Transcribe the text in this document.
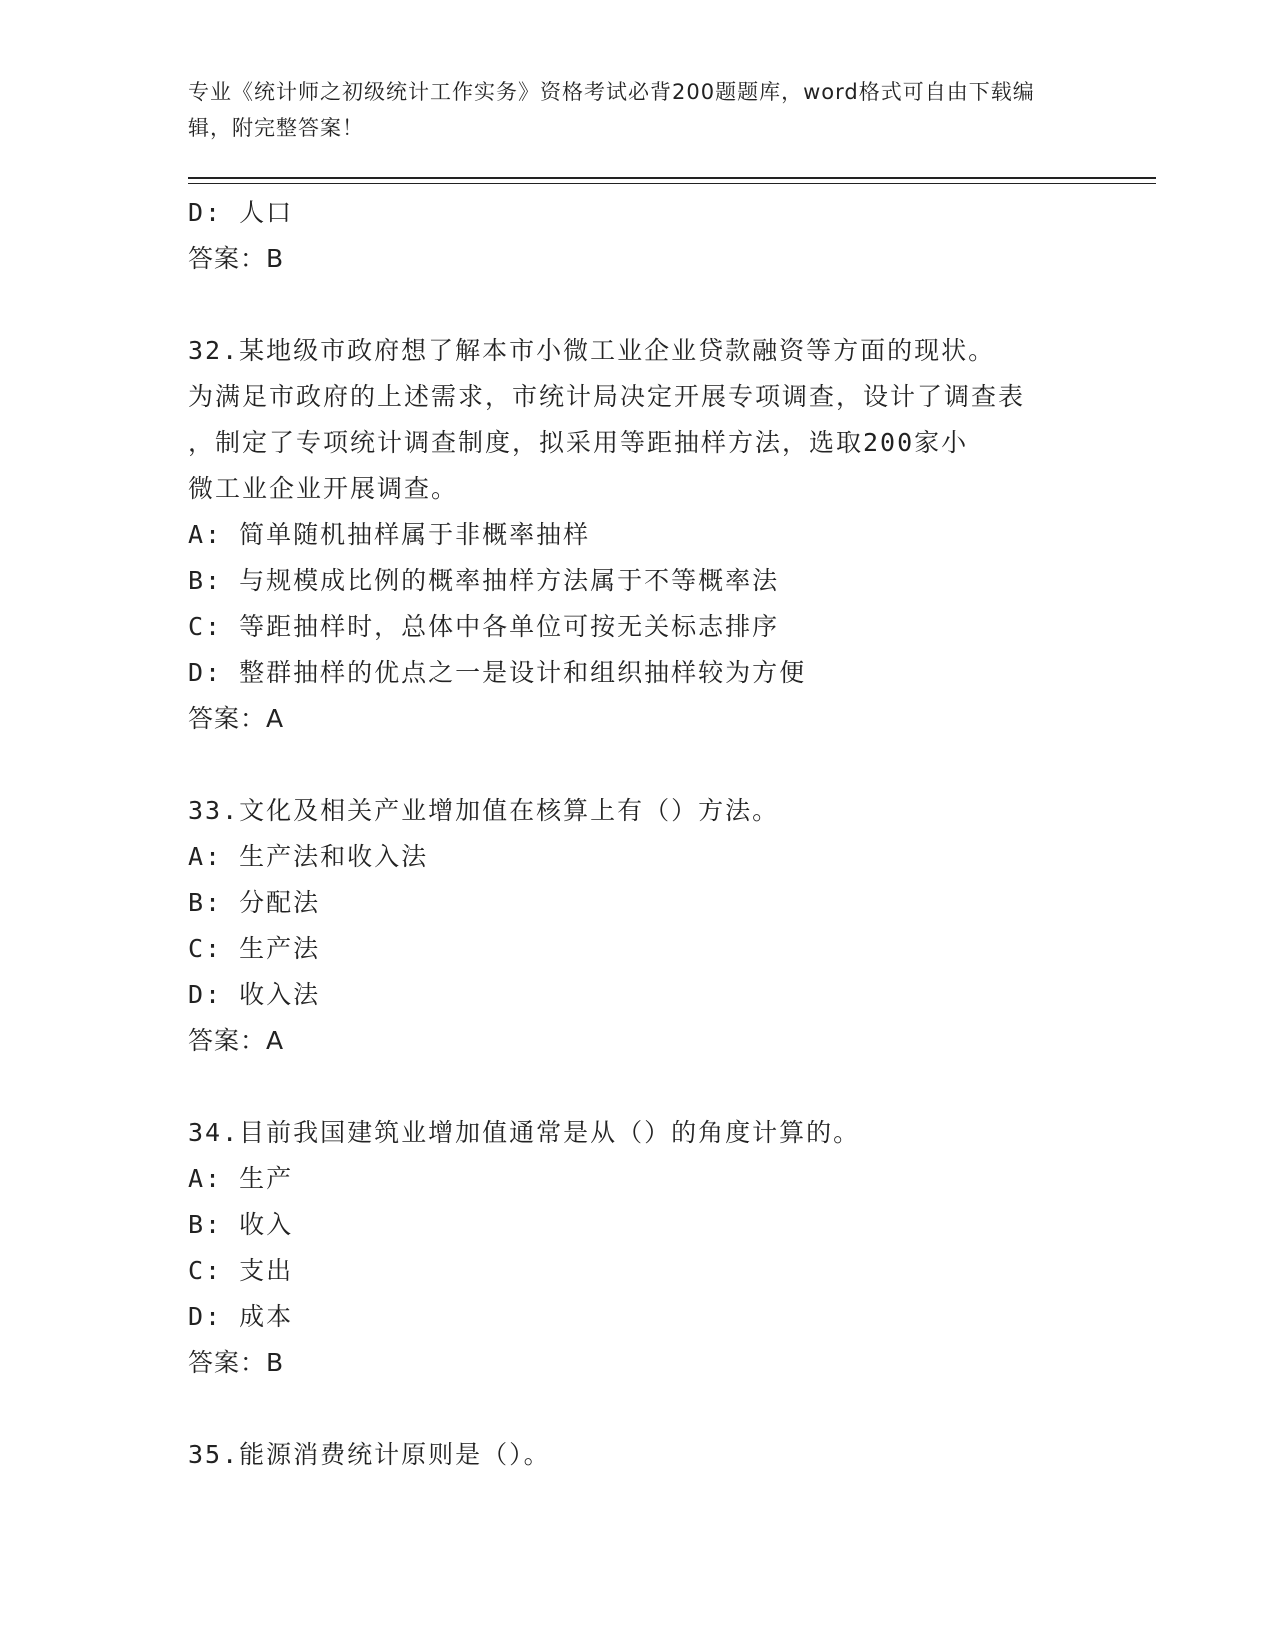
专业《统计师之初级统计工作实务》资格考试必背200题题库，word格式可自由下载编辑，附完整答案！
D: 人口
答案：B
32.某地级市政府想了解本市小微工业企业贷款融资等方面的现状。
为满足市政府的上述需求，市统计局决定开展专项调查，设计了调查表
，制定了专项统计调查制度，拟采用等距抽样方法，选取200家小
微工业企业开展调查。
A: 简单随机抽样属于非概率抽样
B: 与规模成比例的概率抽样方法属于不等概率法
C: 等距抽样时，总体中各单位可按无关标志排序
D: 整群抽样的优点之一是设计和组织抽样较为方便
答案：A
33.文化及相关产业增加值在核算上有（）方法。
A: 生产法和收入法
B: 分配法
C: 生产法
D: 收入法
答案：A
34.目前我国建筑业增加值通常是从（）的角度计算的。
A: 生产
B: 收入
C: 支出
D: 成本
答案：B
35.能源消费统计原则是（）。
